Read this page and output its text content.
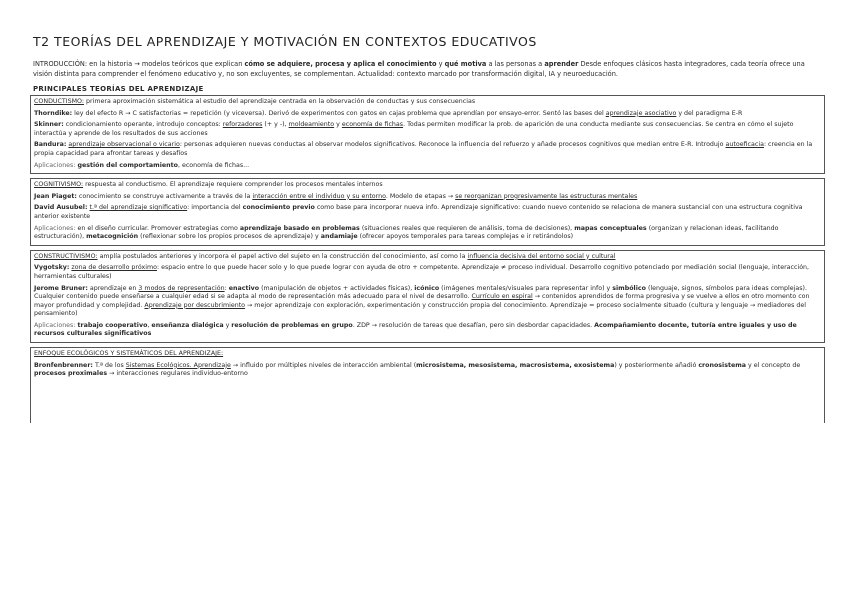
T2 TEORÍAS DEL APRENDIZAJE Y MOTIVACIÓN EN CONTEXTOS EDUCATIVOS
INTRODUCCIÓN: en la historia → modelos teóricos que explican cómo se adquiere, procesa y aplica el conocimiento y qué motiva a las personas a aprender Desde enfoques clásicos hasta integradores, cada teoría ofrece una visión distinta para comprender el fenómeno educativo y, no son excluyentes, se complementan. Actualidad: contexto marcado por transformación digital, IA y neuroeducación.
PRINCIPALES TEORÍAS DEL APRENDIZAJE

CONDUCTISMO: primera aproximación sistemática al estudio del aprendizaje centrada en la observación de conductas y sus consecuencias

Thorndike: ley del efecto R → C satisfactorias = repetición (y viceversa). Derivó de experimentos con gatos en cajas problema que aprendían por ensayo-error. Sentó las bases del aprendizaje asociativo y del paradigma E-R

Skinner: condicionamiento operante, introdujo conceptos: reforzadores (+ y -), moldeamiento y economía de fichas. Todas permiten modificar la prob. de aparición de una conducta mediante sus consecuencias. Se centra en cómo el sujeto interactúa y aprende de los resultados de sus acciones

Bandura: aprendizaje observacional o vicario: personas adquieren nuevas conductas al observar modelos significativos. Reconoce la influencia del refuerzo y añade procesos cognitivos que median entre E-R. Introdujo autoeficacia: creencia en la propia capacidad para afrontar tareas y desafíos

Aplicaciones: gestión del comportamiento, economía de fichas...

COGNITIVISMO: respuesta al conductismo. El aprendizaje requiere comprender los procesos mentales internos

Jean Piaget: conocimiento se construye activamente a través de la interacción entre el individuo y su entorno. Modelo de etapas → se reorganizan progresivamente las estructuras mentales

David Ausubel: t.ª del aprendizaje significativo: importancia del conocimiento previo como base para incorporar nueva info. Aprendizaje significativo: cuando nuevo contenido se relaciona de manera sustancial con una estructura cognitiva anterior existente

Aplicaciones: en el diseño curricular. Promover estrategias como aprendizaje basado en problemas (situaciones reales que requieren de análisis, toma de decisiones), mapas conceptuales (organizan y relacionan ideas, facilitando estructuración), metacognición (reflexionar sobre los propios procesos de aprendizaje) y andamiaje (ofrecer apoyos temporales para tareas complejas e ir retirándolos)

CONSTRUCTIVISMO: amplía postulados anteriores y incorpora el papel activo del sujeto en la construcción del conocimiento, así como la influencia decisiva del entorno social y cultural

Vygotsky: zona de desarrollo próximo: espacio entre lo que puede hacer solo y lo que puede lograr con ayuda de otro + competente. Aprendizaje ≠ proceso individual. Desarrollo cognitivo potenciado por mediación social (lenguaje, interacción, herramientas culturales)

Jerome Bruner: aprendizaje en 3 modos de representación: enactivo (manipulación de objetos + actividades físicas), icónico (imágenes mentales/visuales para representar info) y simbólico (lenguaje, signos, símbolos para ideas complejas). Cualquier contenido puede enseñarse a cualquier edad si se adapta al modo de representación más adecuado para el nivel de desarrollo. Currículo en espiral → contenidos aprendidos de forma progresiva y se vuelve a ellos en otro momento con mayor profundidad y complejidad. Aprendizaje por descubrimiento → mejor aprendizaje con exploración, experimentación y construcción propia del conocimiento. Aprendizaje = proceso socialmente situado (cultura y lenguaje → mediadores del pensamiento)

Aplicaciones: trabajo cooperativo, enseñanza dialógica y resolución de problemas en grupo. ZDP → resolución de tareas que desafían, pero sin desbordar capacidades. Acompañamiento docente, tutoría entre iguales y uso de recursos culturales significativos

ENFOQUE ECOLÓGICOS Y SISTEMÁTICOS DEL APRENDIZAJE:

Bronfenbrenner: T.ª de los Sistemas Ecológicos. Aprendizaje → influido por múltiples niveles de interacción ambiental (microsistema, mesosistema, macrosistema, exosistema) y posteriormente añadió cronosistema y el concepto de procesos proximales → interacciones regulares individuo-entorno
